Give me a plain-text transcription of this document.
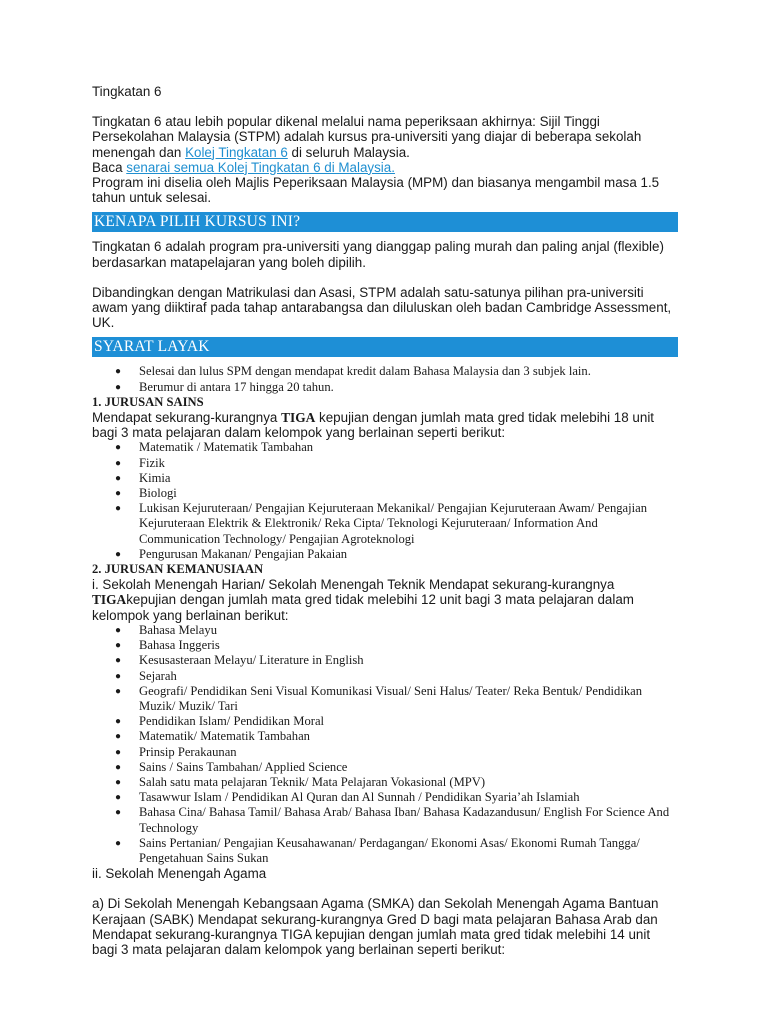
Tingkatan 6

Tingkatan 6 atau lebih popular dikenal melalui nama peperiksaan akhirnya: Sijil Tinggi Persekolahan Malaysia (STPM) adalah kursus pra-universiti yang diajar di beberapa sekolah menengah dan Kolej Tingkatan 6 di seluruh Malaysia.

Baca senarai semua Kolej Tingkatan 6 di Malaysia.

Program ini diselia oleh Majlis Peperiksaan Malaysia (MPM) dan biasanya mengambil masa 1.5 tahun untuk selesai.

KENAPA PILIH KURSUS INI?

Tingkatan 6 adalah program pra-universiti yang dianggap paling murah dan paling anjal (flexible) berdasarkan matapelajaran yang boleh dipilih.

Dibandingkan dengan Matrikulasi dan Asasi, STPM adalah satu-satunya pilihan pra-universiti awam yang diiktiraf pada tahap antarabangsa dan diluluskan oleh badan Cambridge Assessment, UK.

SYARAT LAYAK
● Selesai dan lulus SPM dengan mendapat kredit dalam Bahasa Malaysia dan 3 subjek lain.
● Berumur di antara 17 hingga 20 tahun.

1. JURUSAN SAINS

Mendapat sekurang-kurangnya TIGA kepujian dengan jumlah mata gred tidak melebihi 18 unit bagi 3 mata pelajaran dalam kelompok yang berlainan seperti berikut:

● Matematik / Matematik Tambahan
● Fizik
● Kimia
● Biologi
● Lukisan Kejuruteraan/ Pengajian Kejuruteraan Mekanikal/ Pengajian Kejuruteraan Awam/ Pengajian Kejuruteraan Elektrik & Elektronik/ Reka Cipta/ Teknologi Kejuruteraan/ Information And Communication Technology/ Pengajian Agroteknologi
● Pengurusan Makanan/ Pengajian Pakaian

2. JURUSAN KEMANUSIAAN

i. Sekolah Menengah Harian/ Sekolah Menengah Teknik Mendapat sekurang-kurangnya TIGAkepujian dengan jumlah mata gred tidak melebihi 12 unit bagi 3 mata pelajaran dalam kelompok yang berlainan berikut:

● Bahasa Melayu
● Bahasa Inggeris
● Kesusasteraan Melayu/ Literature in English
● Sejarah
● Geografi/ Pendidikan Seni Visual Komunikasi Visual/ Seni Halus/ Teater/ Reka Bentuk/ Pendidikan Muzik/ Muzik/ Tari
● Pendidikan Islam/ Pendidikan Moral
● Matematik/ Matematik Tambahan
● Prinsip Perakaunan
● Sains / Sains Tambahan/ Applied Science
● Salah satu mata pelajaran Teknik/ Mata Pelajaran Vokasional (MPV)
● Tasawwur Islam / Pendidikan Al Quran dan Al Sunnah / Pendidikan Syaria’ah Islamiah
● Bahasa Cina/ Bahasa Tamil/ Bahasa Arab/ Bahasa Iban/ Bahasa Kadazandusun/ English For Science And Technology
● Sains Pertanian/ Pengajian Keusahawanan/ Perdagangan/ Ekonomi Asas/ Ekonomi Rumah Tangga/ Pengetahuan Sains Sukan

ii. Sekolah Menengah Agama

a) Di Sekolah Menengah Kebangsaan Agama (SMKA) dan Sekolah Menengah Agama Bantuan Kerajaan (SABK) Mendapat sekurang-kurangnya Gred D bagi mata pelajaran Bahasa Arab dan Mendapat sekurang-kurangnya TIGA kepujian dengan jumlah mata gred tidak melebihi 14 unit bagi 3 mata pelajaran dalam kelompok yang berlainan seperti berikut:
